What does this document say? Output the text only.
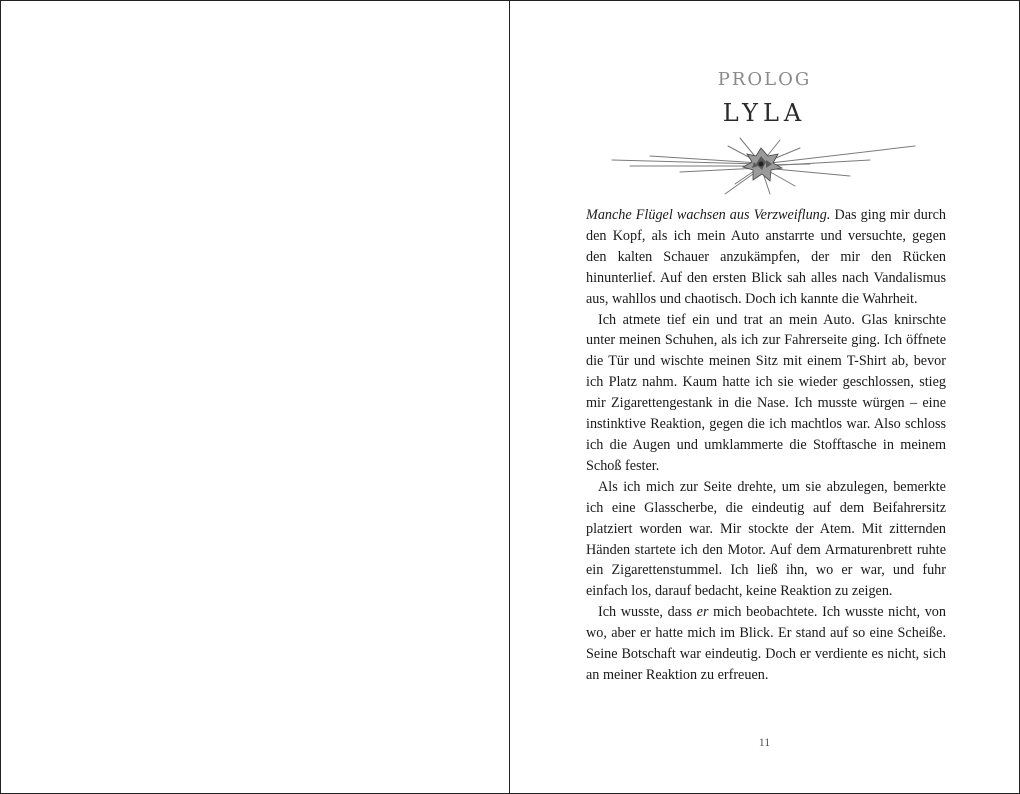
PROLOG
LYLA

Manche Flügel wachsen aus Verzweiflung. Das ging mir durch den Kopf, als ich mein Auto anstarrte und versuchte, gegen den kalten Schauer anzukämpfen, der mir den Rücken hinunterlief. Auf den ersten Blick sah alles nach Vandalismus aus, wahllos und chaotisch. Doch ich kannte die Wahrheit.

Ich atmete tief ein und trat an mein Auto. Glas knirschte unter meinen Schuhen, als ich zur Fahrerseite ging. Ich öffnete die Tür und wischte meinen Sitz mit einem T-Shirt ab, bevor ich Platz nahm. Kaum hatte ich sie wieder geschlossen, stieg mir Zigarettengestank in die Nase. Ich musste würgen – eine instinktive Reaktion, gegen die ich machtlos war. Also schloss ich die Augen und umklammerte die Stofftasche in meinem Schoß fester.

Als ich mich zur Seite drehte, um sie abzulegen, bemerkte ich eine Glasscherbe, die eindeutig auf dem Beifahrersitz platziert worden war. Mir stockte der Atem. Mit zitternden Händen startete ich den Motor. Auf dem Armaturenbrett ruhte ein Zigarettenstummel. Ich ließ ihn, wo er war, und fuhr einfach los, darauf bedacht, keine Reaktion zu zeigen.

Ich wusste, dass er mich beobachtete. Ich wusste nicht, von wo, aber er hatte mich im Blick. Er stand auf so eine Scheiße. Seine Botschaft war eindeutig. Doch er verdiente es nicht, sich an meiner Reaktion zu erfreuen.

11
